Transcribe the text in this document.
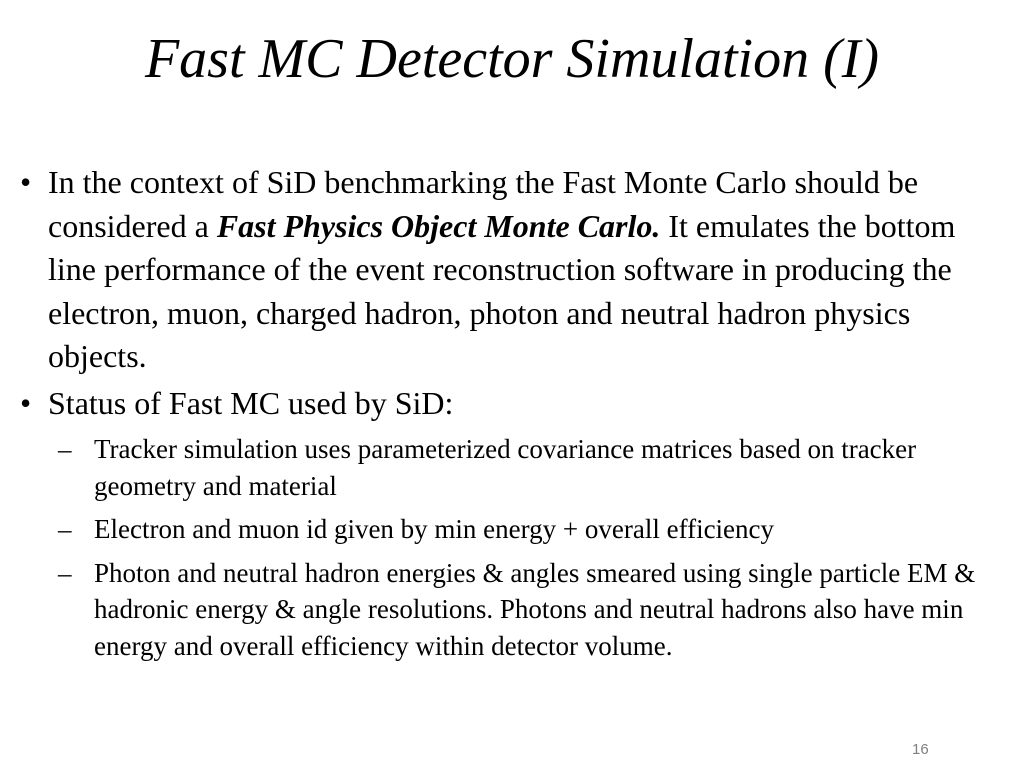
Fast MC Detector Simulation (I)
• In the context of SiD benchmarking the Fast Monte Carlo should be considered a Fast Physics Object Monte Carlo. It emulates the bottom line performance of the event reconstruction software in producing the electron, muon, charged hadron, photon and neutral hadron physics objects.
• Status of Fast MC used by SiD:
– Tracker simulation uses parameterized covariance matrices based on tracker geometry and material
– Electron and muon id given by min energy + overall efficiency
– Photon and neutral hadron energies & angles smeared using single particle EM & hadronic energy & angle resolutions. Photons and neutral hadrons also have min energy and overall efficiency within detector volume.
16
